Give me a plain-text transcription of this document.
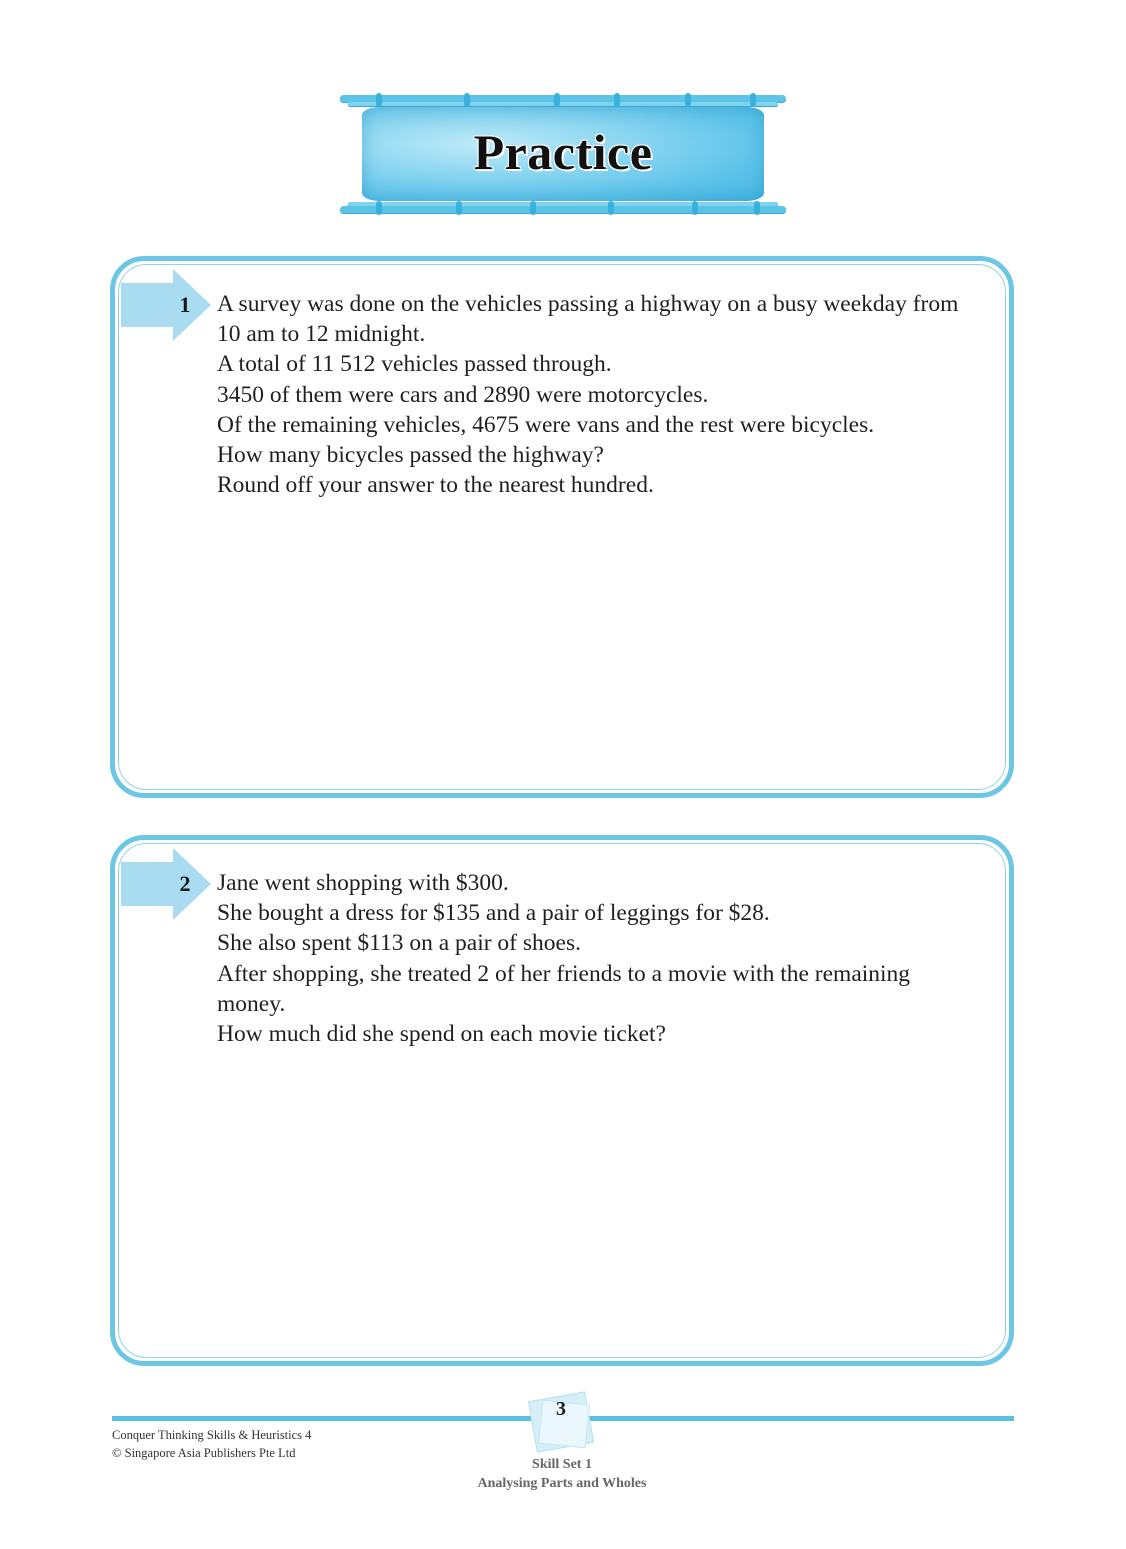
Practice
1 A survey was done on the vehicles passing a highway on a busy weekday from
10 am to 12 midnight.
A total of 11 512 vehicles passed through.
3450 of them were cars and 2890 were motorcycles.
Of the remaining vehicles, 4675 were vans and the rest were bicycles.
How many bicycles passed the highway?
Round off your answer to the nearest hundred.
2 Jane went shopping with $300.
She bought a dress for $135 and a pair of leggings for $28.
She also spent $113 on a pair of shoes.
After shopping, she treated 2 of her friends to a movie with the remaining
money.
How much did she spend on each movie ticket?
3
Conquer Thinking Skills & Heuristics 4
© Singapore Asia Publishers Pte Ltd
Skill Set 1
Analysing Parts and Wholes
